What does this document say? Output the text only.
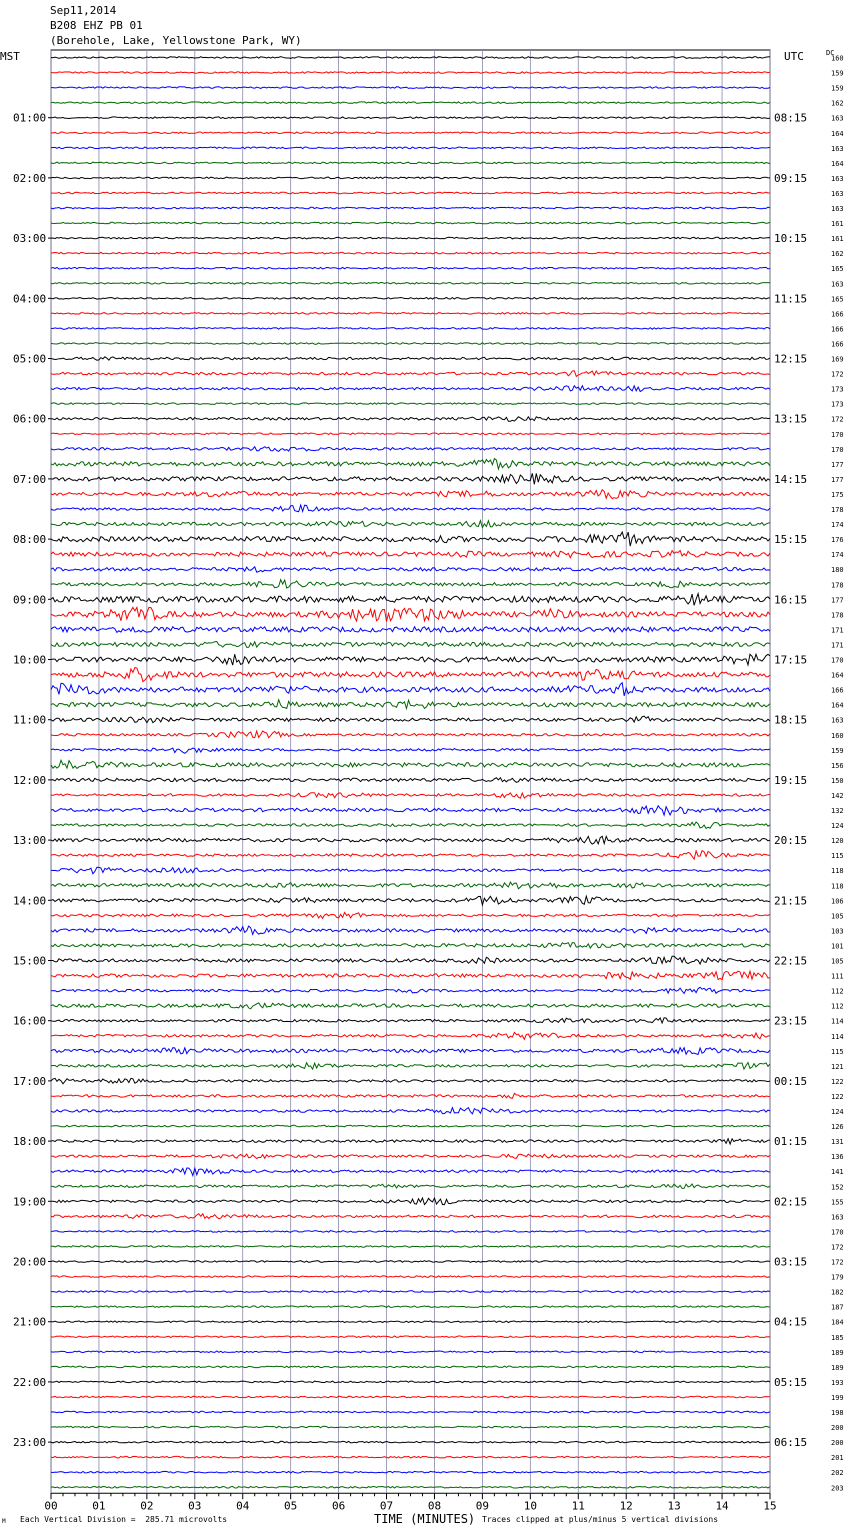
Sep11,2014
B208 EHZ PB 01
(Borehole, Lake, Yellowstone Park, WY)
MST	UTC	DC
00	01	02	03	04	05	06	07	08	09	10	11	12	13	14	15
160
159
159
162
163
164
163
164
163
163
163
161
161
162
165
163
165
166
166
166
169
172
173
173
172
170
170
177
177
175
178
174
176
174
180
178
177
178
171
171
170
164
166
164
163
160
159
156
150
142
132
124
120
115
118
118
106
105
103
101
105
111
112
112
114
114
115
121
122
122
124
126
131
136
141
152
155
163
170
172
172
179
182
187
184
185
189
189
193
199
198
200
200
201
202
203
01:00	08:15
02:00	09:15
03:00	10:15
04:00	11:15
05:00	12:15
06:00	13:15
07:00	14:15
08:00	15:15
09:00	16:15
10:00	17:15
11:00	18:15
12:00	19:15
13:00	20:15
14:00	21:15
15:00	22:15
16:00	23:15
17:00	00:15
18:00	01:15
19:00	02:15
20:00	03:15
21:00	04:15
22:00	05:15
23:00	06:15
Each Vertical Division =  285.71 microvolts
M	TIME (MINUTES) Traces clipped at plus/minus 5 vertical divisions
